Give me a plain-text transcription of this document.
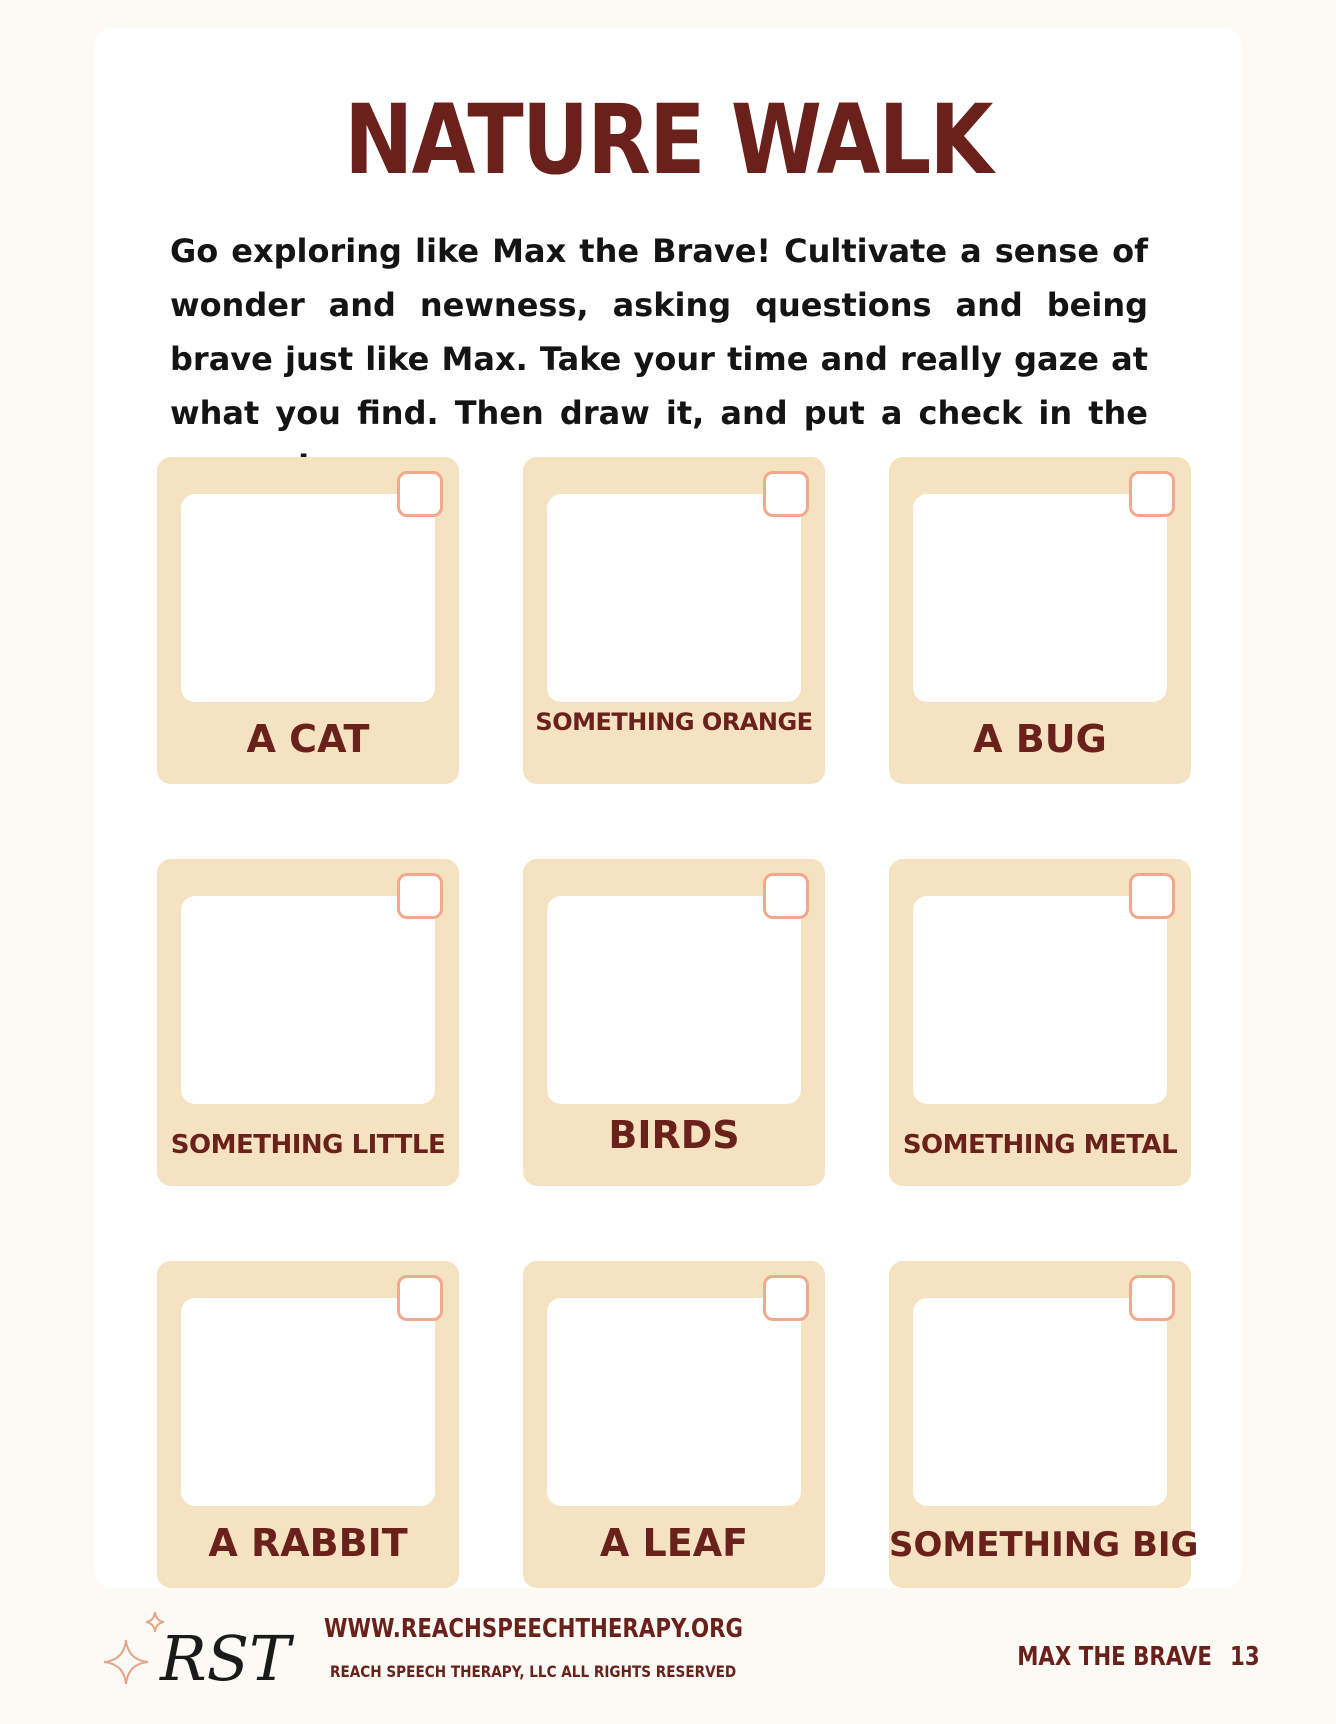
NATURE WALK

Go exploring like Max the Brave! Cultivate a sense of wonder and newness, asking questions and being brave just like Max. Take your time and really gaze at what you find. Then draw it, and put a check in the

A CAT	SOMETHING ORANGE	A BUG
SOMETHING LITTLE	BIRDS	SOMETHING METAL
A RABBIT	A LEAF	SOMETHING BIG
RST WWW.REACHSPEECHTHERAPY.ORG
REACH SPEECH THERAPY, LLC ALL RIGHTS RESERVED	MAX THE BRAVE 13
